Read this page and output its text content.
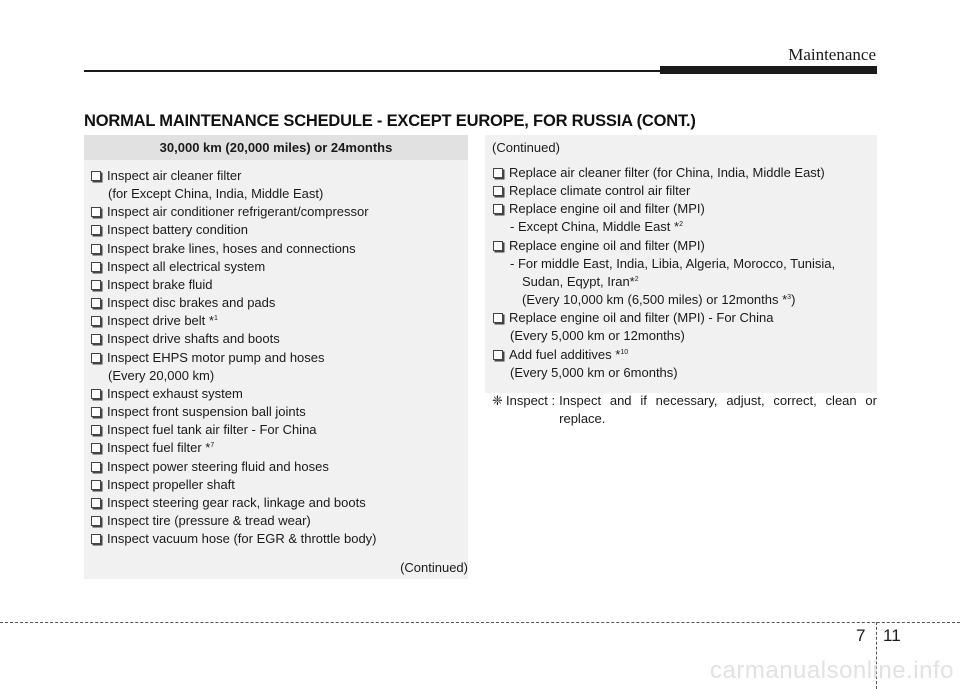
Maintenance
NORMAL MAINTENANCE SCHEDULE - EXCEPT EUROPE, FOR RUSSIA (CONT.)
30,000 km (20,000 miles) or 24months
Inspect air cleaner filter
(for Except China, India, Middle East)
Inspect air conditioner refrigerant/compressor
Inspect battery condition
Inspect brake lines, hoses and connections
Inspect all electrical system
Inspect brake fluid
Inspect disc brakes and pads
Inspect drive belt *$^1$
Inspect drive shafts and boots
Inspect EHPS motor pump and hoses
(Every 20,000 km)
Inspect exhaust system
Inspect front suspension ball joints
Inspect fuel tank air filter - For China
Inspect fuel filter *$^7$
Inspect power steering fluid and hoses
Inspect propeller shaft
Inspect steering gear rack, linkage and boots
Inspect tire (pressure & tread wear)
Inspect vacuum hose (for EGR & throttle body)
(Continued)
(Continued)
Replace air cleaner filter (for China, India, Middle East)
Replace climate control air filter
Replace engine oil and filter (MPI)
- Except China, Middle East *$^2$
Replace engine oil and filter (MPI)
- For middle East, India, Libia, Algeria, Morocco, Tunisia,
Sudan, Eqypt, Iran*$^2$
(Every 10,000 km (6,500 miles) or 12months *$^3$)
Replace engine oil and filter (MPI) - For China
(Every 5,000 km or 12months)
Add fuel additives *$^{10}$
(Every 5,000 km or 6months)
❈ Inspect : Inspect and if necessary, adjust, correct, clean or replace.
7 11
carmanualsonline.info
